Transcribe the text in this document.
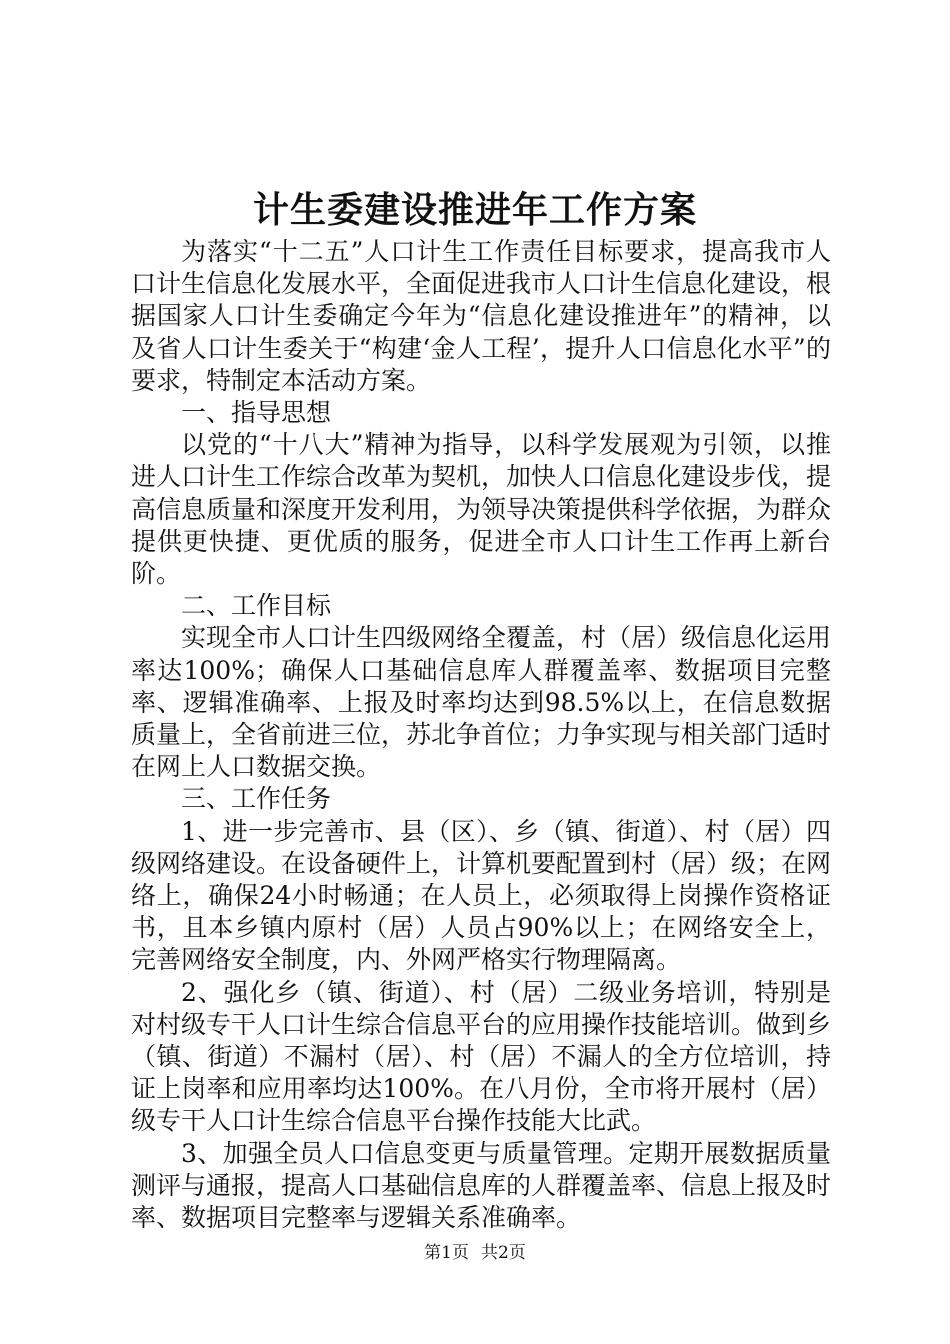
计生委建设推进年工作方案

为落实“十二五”人口计生工作责任目标要求，提高我市人口计生信息化发展水平，全面促进我市人口计生信息化建设，根据国家人口计生委确定今年为“信息化建设推进年”的精神，以及省人口计生委关于“构建‘金人工程’，提升人口信息化水平”的要求，特制定本活动方案。

一、指导思想

以党的“十八大”精神为指导，以科学发展观为引领，以推进人口计生工作综合改革为契机，加快人口信息化建设步伐，提高信息质量和深度开发利用，为领导决策提供科学依据，为群众提供更快捷、更优质的服务，促进全市人口计生工作再上新台阶。

二、工作目标

实现全市人口计生四级网络全覆盖，村（居）级信息化运用率达100%；确保人口基础信息库人群覆盖率、数据项目完整率、逻辑准确率、上报及时率均达到98.5%以上，在信息数据质量上，全省前进三位，苏北争首位；力争实现与相关部门适时在网上人口数据交换。

三、工作任务

1、进一步完善市、县（区）、乡（镇、街道）、村（居）四级网络建设。在设备硬件上，计算机要配置到村（居）级；在网络上，确保24小时畅通；在人员上，必须取得上岗操作资格证书，且本乡镇内原村（居）人员占90%以上；在网络安全上，完善网络安全制度，内、外网严格实行物理隔离。

2、强化乡（镇、街道）、村（居）二级业务培训，特别是对村级专干人口计生综合信息平台的应用操作技能培训。做到乡（镇、街道）不漏村（居）、村（居）不漏人的全方位培训，持证上岗率和应用率均达100%。在八月份，全市将开展村（居）级专干人口计生综合信息平台操作技能大比武。

3、加强全员人口信息变更与质量管理。定期开展数据质量测评与通报，提高人口基础信息库的人群覆盖率、信息上报及时率、数据项目完整率与逻辑关系准确率。

第1页 共2页
